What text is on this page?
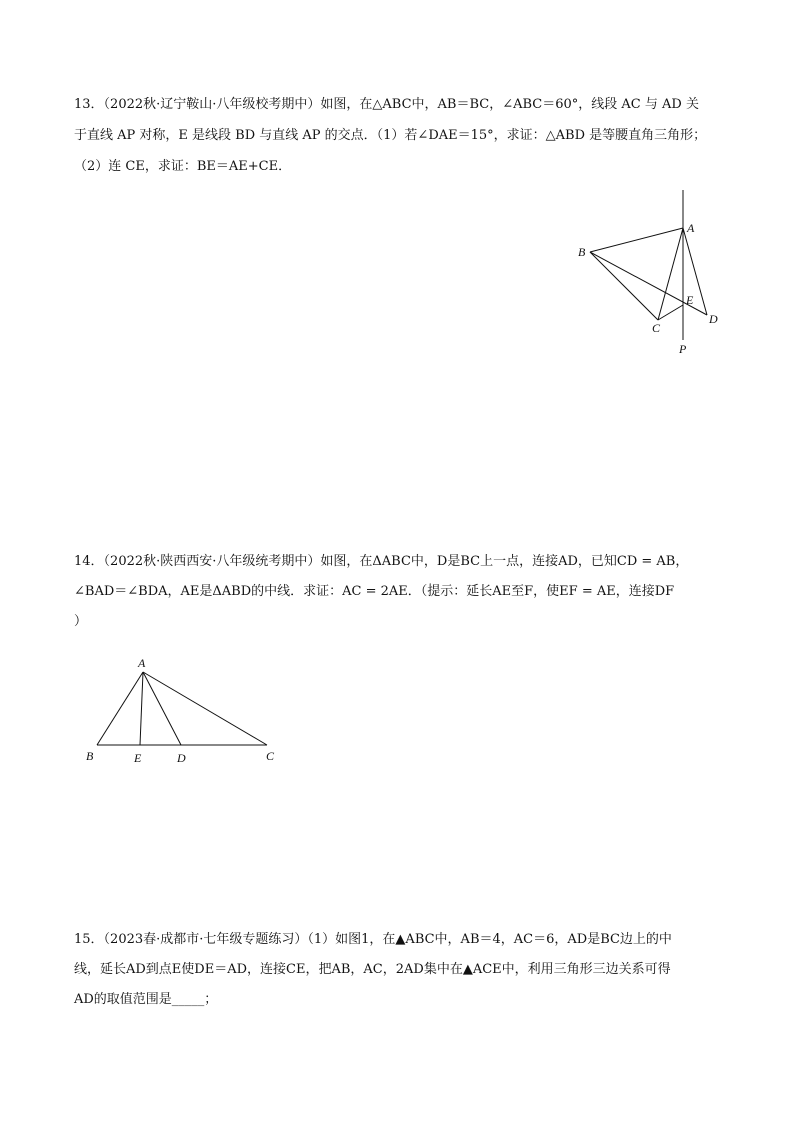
13．（2022秋·辽宁鞍山·八年级校考期中）如图，在△ABC中，AB＝BC，∠ABC＝60°，线段 AC 与 AD 关
于直线 AP 对称，E 是线段 BD 与直线 AP 的交点．（1）若∠DAE＝15°，求证：△ABD 是等腰直角三角形；
（2）连 CE，求证：BE＝AE+CE．
A
B
C
E
D
P
14．（2022秋·陕西西安·八年级统考期中）如图，在ΔABC中，D是BC上一点，连接AD，已知CD = AB，
∠BAD＝∠BDA，AE是ΔABD的中线．求证：AC = 2AE．（提示：延长AE至F，使EF = AE，连接DF
）
A
B	E	D	C
15．（2023春·成都市·七年级专题练习）（1）如图1，在▲ABC中，AB＝4，AC＝6，AD是BC边上的中
线，延长AD到点E使DE＝AD，连接CE，把AB，AC，2AD集中在▲ACE中，利用三角形三边关系可得
AD的取值范围是_____；
